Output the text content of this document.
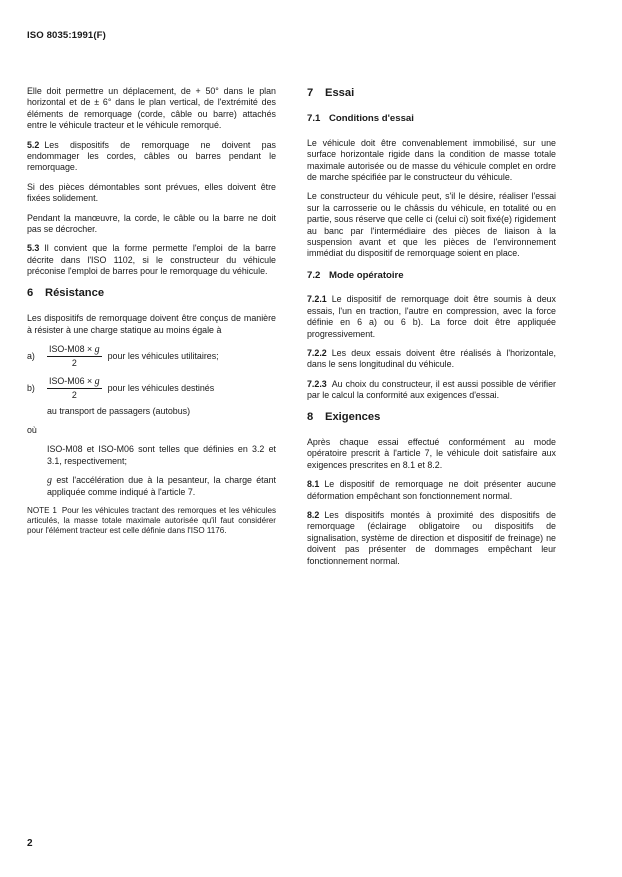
ISO 8035:1991(F)

Elle doit permettre un déplacement, de + 50° dans le plan horizontal et de ± 6° dans le plan vertical, de l'extrémité des éléments de remorquage (corde, câble ou barre) attachés entre le véhicule tracteur et le véhicule remorqué.

5.2 Les dispositifs de remorquage ne doivent pas endommager les cordes, câbles ou barres pendant le remorquage.

Si des pièces démontables sont prévues, elles doivent être fixées solidement.

Pendant la manœuvre, la corde, le câble ou la barre ne doit pas se décrocher.

5.3 Il convient que la forme permette l'emploi de la barre décrite dans l'ISO 1102, si le constructeur du véhicule préconise l'emploi de barres pour le remorquage du véhicule.

6 Résistance

Les dispositifs de remorquage doivent être conçus de manière à résister à une charge statique au moins égale à

a)	$\frac{\text{ISO-M08 × g}}{2}$ pour les véhicules utilitaires;
b)	$\frac{\text{ISO-M06 × g}}{2}$ pour les véhicules destinés

au transport de passagers (autobus)

où

ISO-M08 et ISO-M06 sont telles que définies en 3.2 et 3.1, respectivement;

g est l'accélération due à la pesanteur, la charge étant appliquée comme indiqué à l'article 7.

NOTE 1 Pour les véhicules tractant des remorques et les véhicules articulés, la masse totale maximale autorisée qu'il faut considérer pour l'élément tracteur est celle définie dans l'ISO 1176.

7 Essai
7.1 Conditions d'essai

Le véhicule doit être convenablement immobilisé, sur une surface horizontale rigide dans la condition de masse totale maximale autorisée ou de masse du véhicule complet en ordre de marche spécifiée par le constructeur du véhicule.

Le constructeur du véhicule peut, s'il le désire, réaliser l'essai sur la carrosserie ou le châssis du véhicule, en totalité ou en partie, sous réserve que celle ci (celui ci) soit fixé(e) rigidement au banc par l'intermédiaire des pièces de liaison à la suspension avant et que les pièces de l'environnement immédiat du dispositif de remorquage soient en place.

7.2 Mode opératoire

7.2.1 Le dispositif de remorquage doit être soumis à deux essais, l'un en traction, l'autre en compression, avec la force définie en 6 a) ou 6 b). La force doit être appliquée progressivement.

7.2.2 Les deux essais doivent être réalisés à l'horizontale, dans le sens longitudinal du véhicule.

7.2.3 Au choix du constructeur, il est aussi possible de vérifier par le calcul la conformité aux exigences d'essai.

8 Exigences

Après chaque essai effectué conformément au mode opératoire prescrit à l'article 7, le véhicule doit satisfaire aux exigences prescrites en 8.1 et 8.2.

8.1 Le dispositif de remorquage ne doit présenter aucune déformation empêchant son fonctionnement normal.

8.2 Les dispositifs montés à proximité des dispositifs de remorquage (éclairage obligatoire ou dispositifs de signalisation, système de direction et dispositif de freinage) ne doivent pas présenter de dommages empêchant leur fonctionnement normal.

2
